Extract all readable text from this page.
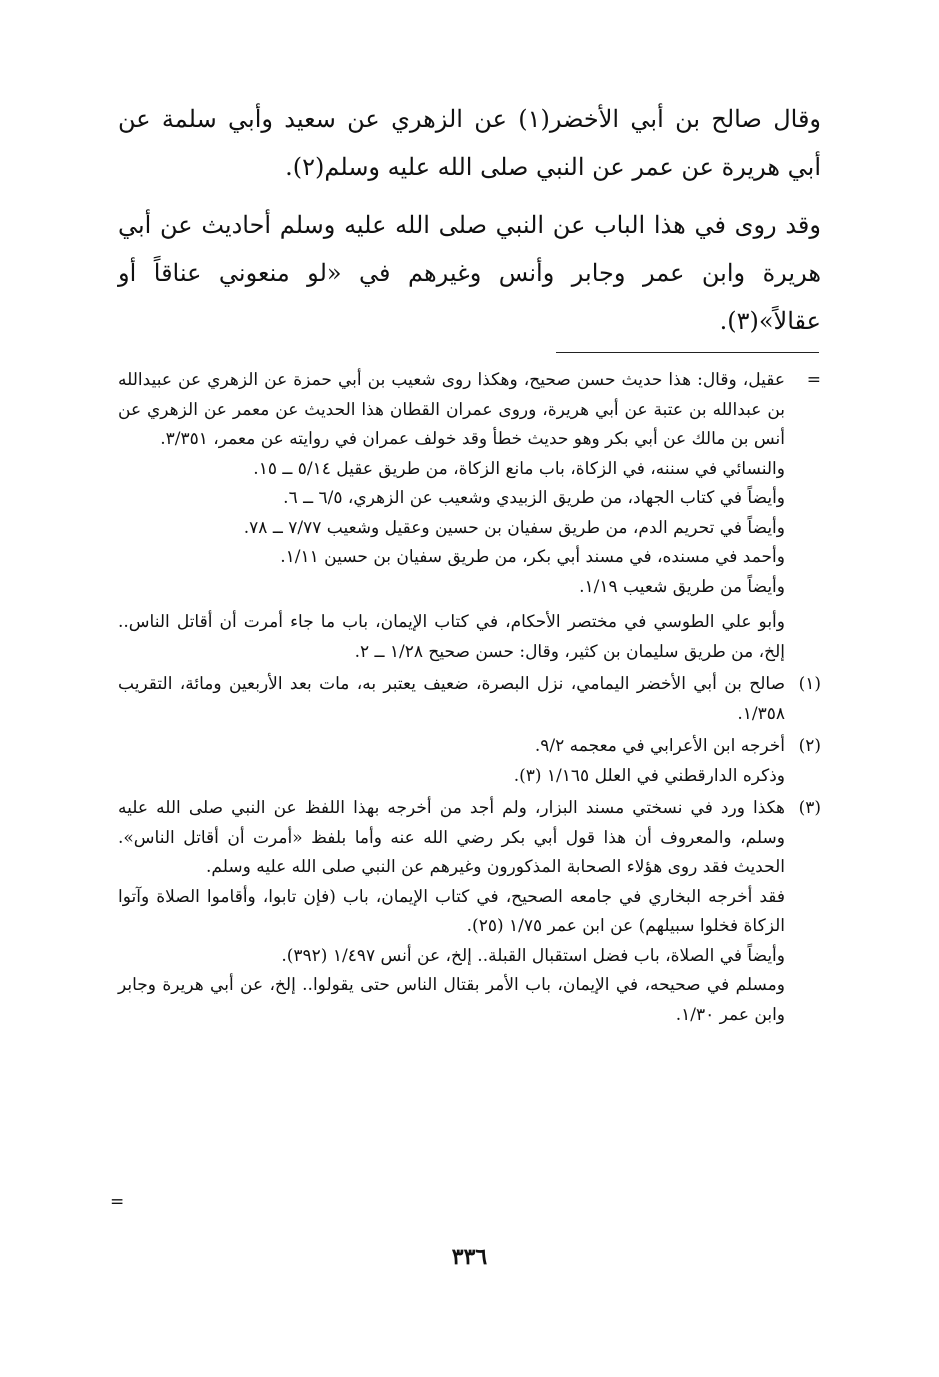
وقال صالح بن أبي الأخضر(١) عن الزهري عن سعيد وأبي سلمة عن أبي هريرة عن عمر عن النبي صلى الله عليه وسلم(٢).

وقد روى في هذا الباب عن النبي صلى الله عليه وسلم أحاديث عن أبي هريرة وابن عمر وجابر وأنس وغيرهم في «لو منعوني عناقاً أو عقالاً»(٣).

=

عقيل، وقال: هذا حديث حسن صحيح، وهكذا روى شعيب بن أبي حمزة عن الزهري عن عبيدالله بن عبدالله بن عتبة عن أبي هريرة، وروى عمران القطان هذا الحديث عن معمر عن الزهري عن أنس بن مالك عن أبي بكر وهو حديث خطأ وقد خولف عمران في روايته عن معمر، ٣/٣٥١.

والنسائي في سننه، في الزكاة، باب مانع الزكاة، من طريق عقيل ٥/١٤ ــ ١٥.

وأيضاً في كتاب الجهاد، من طريق الزبيدي وشعيب عن الزهري، ٦/٥ ــ ٦.

وأيضاً في تحريم الدم، من طريق سفيان بن حسين وعقيل وشعيب ٧/٧٧ ــ ٧٨.

وأحمد في مسنده، في مسند أبي بكر، من طريق سفيان بن حسين ١/١١.

وأيضاً من طريق شعيب ١/١٩.

وأبو علي الطوسي في مختصر الأحكام، في كتاب الإيمان، باب ما جاء أمرت أن أقاتل الناس.. إلخ، من طريق سليمان بن كثير، وقال: حسن صحيح ١/٢٨ ــ ٢.

(١)

صالح بن أبي الأخضر اليمامي، نزل البصرة، ضعيف يعتبر به، مات بعد الأربعين ومائة، التقريب ١/٣٥٨.

(٢)

أخرجه ابن الأعرابي في معجمه ٩/٢.

وذكره الدارقطني في العلل ١/١٦٥ (٣).

(٣)

هكذا ورد في نسختي مسند البزار، ولم أجد من أخرجه بهذا اللفظ عن النبي صلى الله عليه وسلم، والمعروف أن هذا قول أبي بكر رضي الله عنه وأما بلفظ «أمرت أن أقاتل الناس». الحديث فقد روى هؤلاء الصحابة المذكورون وغيرهم عن النبي صلى الله عليه وسلم.

فقد أخرجه البخاري في جامعه الصحيح، في كتاب الإيمان، باب (فإن تابوا، وأقاموا الصلاة وآتوا الزكاة فخلوا سبيلهم) عن ابن عمر ١/٧٥ (٢٥).

وأيضاً في الصلاة، باب فضل استقبال القبلة.. إلخ، عن أنس ١/٤٩٧ (٣٩٢).

ومسلم في صحيحه، في الإيمان، باب الأمر بقتال الناس حتى يقولوا.. إلخ، عن أبي هريرة وجابر وابن عمر ١/٣٠.

=
٣٣٦
